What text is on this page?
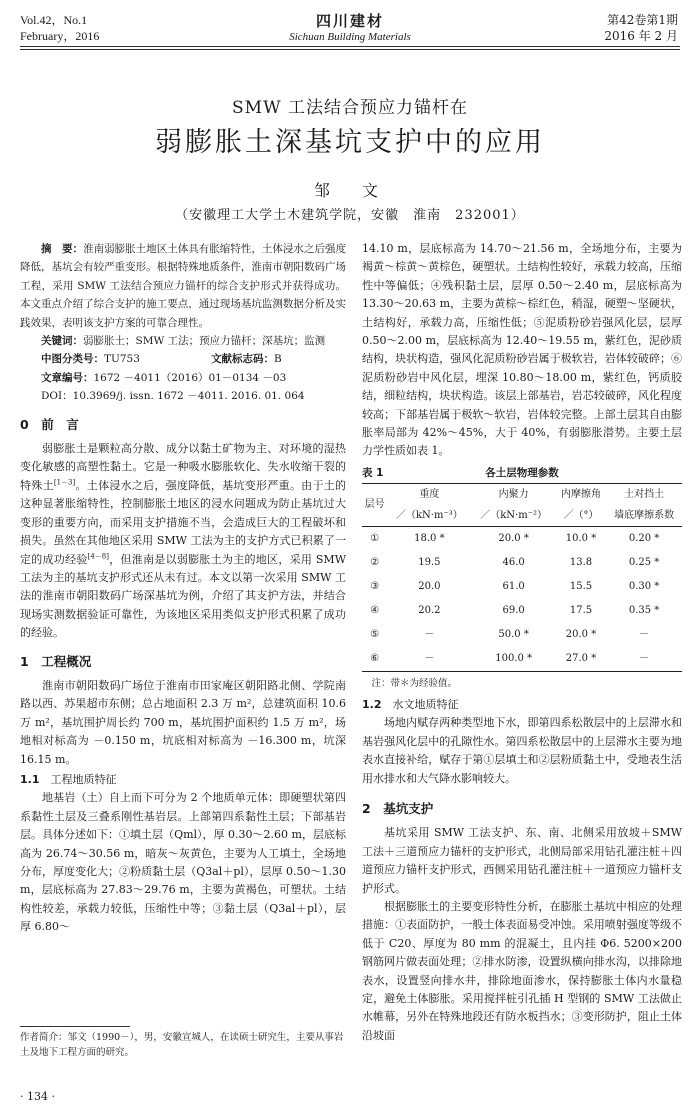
Vol.42，No.1
February，2016
四川建材
Sichuan Building Materials
第42卷第1期
2016 年 2 月
SMW 工法结合预应力锚杆在
弱膨胀土深基坑支护中的应用
邹　文
（安徽理工大学土木建筑学院，安徽　淮南　232001）

摘　要：淮南弱膨胀土地区土体具有胀缩特性，土体浸水之后强度降低，基坑会有较严重变形。根据特殊地质条件，淮南市朝阳数码广场工程，采用 SMW 工法结合预应力锚杆的综合支护形式并获得成功。本文重点介绍了综合支护的施工要点，通过现场基坑监测数据分析及实践效果，表明该支护方案的可靠合理性。

关键词：弱膨胀土；SMW 工法；预应力锚杆；深基坑；监测

中图分类号：TU753	文献标志码：B

文章编号：1672 －4011（2016）01－0134 －03

DOI：10.3969/j. issn. 1672 －4011. 2016. 01. 064

0　前　言

弱膨胀土是颗粒高分散、成分以黏土矿物为主、对环境的湿热变化敏感的高塑性黏土。它是一种吸水膨胀软化、失水收缩干裂的特殊土[1－3]。土体浸水之后，强度降低，基坑变形严重。由于土的这种显著胀缩特性，控制膨胀土地区的浸水问题成为防止基坑过大变形的重要方向，而采用支护措施不当，会造成巨大的工程破坏和损失。虽然在其他地区采用 SMW 工法为主的支护方式已积累了一定的成功经验[4－8]，但淮南是以弱膨胀土为主的地区，采用 SMW 工法为主的基坑支护形式还从未有过。本文以第一次采用 SMW 工法的淮南市朝阳数码广场深基坑为例，介绍了其支护方法，并结合现场实测数据验证可靠性，为该地区采用类似支护形式积累了成功的经验。

1　工程概况

淮南市朝阳数码广场位于淮南市田家庵区朝阳路北侧、学院南路以西、苏果超市东侧；总占地面积 2.3 万 m²，总建筑面积 10.6 万 m²，基坑围护周长约 700 m，基坑围护面积约 1.5 万 m²，场地相对标高为 －0.150 m，坑底相对标高为 －16.300 m，坑深 16.15 m。

1.1　 工程地质特征

地基岩（土）自上而下可分为 2 个地质单元体：即硬塑状第四系黏性土层及三叠系刚性基岩层。上部第四系黏性土层；下部基岩层。具体分述如下：①填土层（Qml），厚 0.30～2.60 m，层底标高为 26.74～30.56 m，暗灰～灰黄色，主要为人工填土，全场地分布，厚度变化大；②粉质黏土层（Q3al＋pl），层厚 0.50～1.30 m，层底标高为 27.83～29.76 m，主要为黄褐色，可塑状。土结构性较差，承载力较低，压缩性中等；③黏土层（Q3al＋pl），层厚 6.80～

作者简介：邹文（1990－），男，安徽宣城人，在读硕士研究生，主要从事岩土及地下工程方面的研究。
· 134 ·

14.10 m，层底标高为 14.70～21.56 m，全场地分布，主要为褐黄～棕黄～黄棕色，硬塑状。土结构性较好，承载力较高，压缩性中等偏低；④残积黏土层，层厚 0.50～2.40 m，层底标高为 13.30～20.63 m，主要为黄棕～棕红色，稍湿，硬塑～坚硬状，土结构好，承载力高，压缩性低；⑤泥质粉砂岩强风化层，层厚 0.50～2.00 m，层底标高为 12.40～19.55 m，紫红色，泥砂质结构，块状构造，强风化泥质粉砂岩属于极软岩，岩体较破碎；⑥泥质粉砂岩中风化层，埋深 10.80～18.00 m，紫红色，钙质胶结，细粒结构，块状构造。该层上部基岩，岩芯较破碎，风化程度较高；下部基岩属于极软～软岩，岩体较完整。上部土层其自由膨胀率局部为 42%～45%，大于 40%，有弱膨胀潜势。主要土层力学性质如表 1。

表 1	各土层物理参数
层号	重度	内聚力	内摩擦角	土对挡土
	／（kN·m⁻³）	／（kN·m⁻²）	／（°）	墙底摩擦系数
①	18.0 *	20.0 *	10.0 *	0.20 *
②	19.5	46.0	13.8	0.25 *
③	20.0	61.0	15.5	0.30 *
④	20.2	69.0	17.5	0.35 *
⑤	－	50.0 *	20.0 *	－
⑥	－	100.0 *	27.0 *	－
注：带＊为经验值。
1.2　 水文地质特征

场地内赋存两种类型地下水，即第四系松散层中的上层滞水和基岩强风化层中的孔隙性水。第四系松散层中的上层滞水主要为地表水直接补给，赋存于第①层填土和②层粉质黏土中，受地表生活用水排水和大气降水影响较大。

2　基坑支护

基坑采用 SMW 工法支护、东、南、北侧采用放坡＋SMW 工法＋三道预应力锚杆的支护形式，北侧局部采用钻孔灌注桩＋四道预应力锚杆支护形式，西侧采用钻孔灌注桩＋一道预应力锚杆支护形式。

根据膨胀土的主要变形特性分析，在膨胀土基坑中相应的处理措施：①表面防护，一般土体表面易受冲蚀。采用喷射强度等级不低于 C20、厚度为 80 mm 的混凝土，且内挂 Φ6. 5200×200 钢筋网片做表面处理；②排水防渗，设置纵横向排水沟，以排除地表水，设置竖向排水井，排除地面渗水，保持膨胀土体内水量稳定，避免土体膨胀。采用搅拌桩引孔插 H 型钢的 SMW 工法做止水帷幕，另外在特殊地段还有防水板挡水；③变形防护，阻止土体沿坡面
